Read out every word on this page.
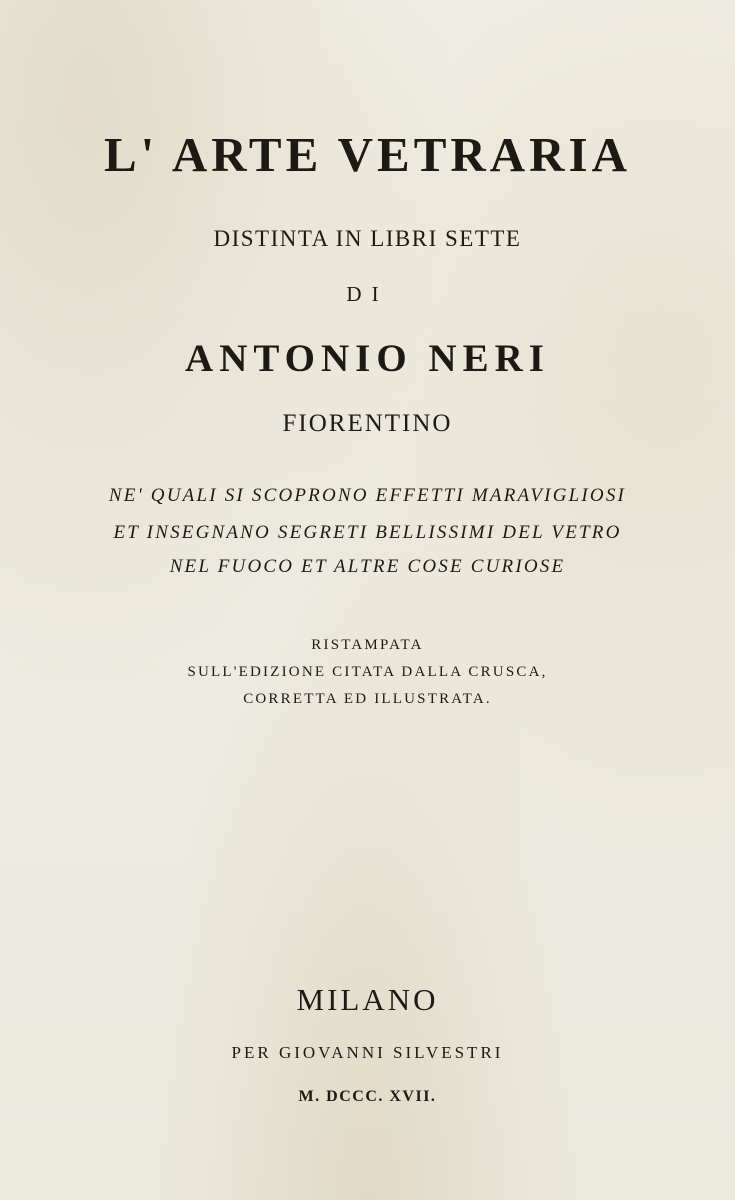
L' ARTE VETRARIA
DISTINTA IN LIBRI SETTE
DI
ANTONIO NERI
FIORENTINO
NE' QUALI SI SCOPRONO EFFETTI MARAVIGLIOSI
ET INSEGNANO SEGRETI BELLISSIMI DEL VETRO
NEL FUOCO ET ALTRE COSE CURIOSE
RISTAMPATA
SULL'EDIZIONE CITATA DALLA CRUSCA,
CORRETTA ED ILLUSTRATA.
MILANO
PER GIOVANNI SILVESTRI
M. DCCC. XVII.
